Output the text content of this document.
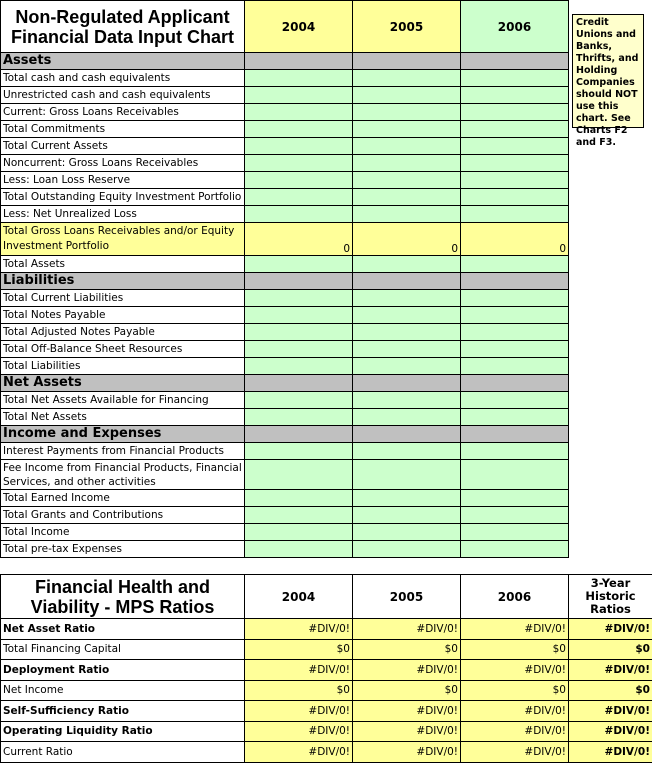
Non-Regulated Applicant Financial Data Input Chart	2004	2005	2006
Assets			
Total cash and cash equivalents			
Unrestricted cash and cash equivalents			
Current: Gross Loans Receivables			
Total Commitments			
Total Current Assets			
Noncurrent: Gross Loans Receivables			
Less: Loan Loss Reserve			
Total Outstanding Equity Investment Portfolio			
Less: Net Unrealized Loss			
Total Gross Loans Receivables and/or Equity Investment Portfolio	0	0	0
Total Assets			
Liabilities			
Total Current Liabilities			
Total Notes Payable			
Total Adjusted Notes Payable			
Total Off-Balance Sheet Resources			
Total Liabilities			
Net Assets			
Total Net Assets Available for Financing			
Total Net Assets			
Income and Expenses			
Interest Payments from Financial Products			
Fee Income from Financial Products, Financial Services, and other activities			
Total Earned Income			
Total Grants and Contributions			
Total Income			
Total pre-tax Expenses			
Credit Unions and Banks, Thrifts, and Holding Companies should NOT use this chart. See Charts F2 and F3.
Financial Health and Viability - MPS Ratios	2004	2005	2006	3-Year Historic Ratios
Net Asset Ratio	#DIV/0!	#DIV/0!	#DIV/0!	#DIV/0!
Total Financing Capital	$0	$0	$0	$0
Deployment Ratio	#DIV/0!	#DIV/0!	#DIV/0!	#DIV/0!
Net Income	$0	$0	$0	$0
Self-Sufficiency Ratio	#DIV/0!	#DIV/0!	#DIV/0!	#DIV/0!
Operating Liquidity Ratio	#DIV/0!	#DIV/0!	#DIV/0!	#DIV/0!
Current Ratio	#DIV/0!	#DIV/0!	#DIV/0!	#DIV/0!
